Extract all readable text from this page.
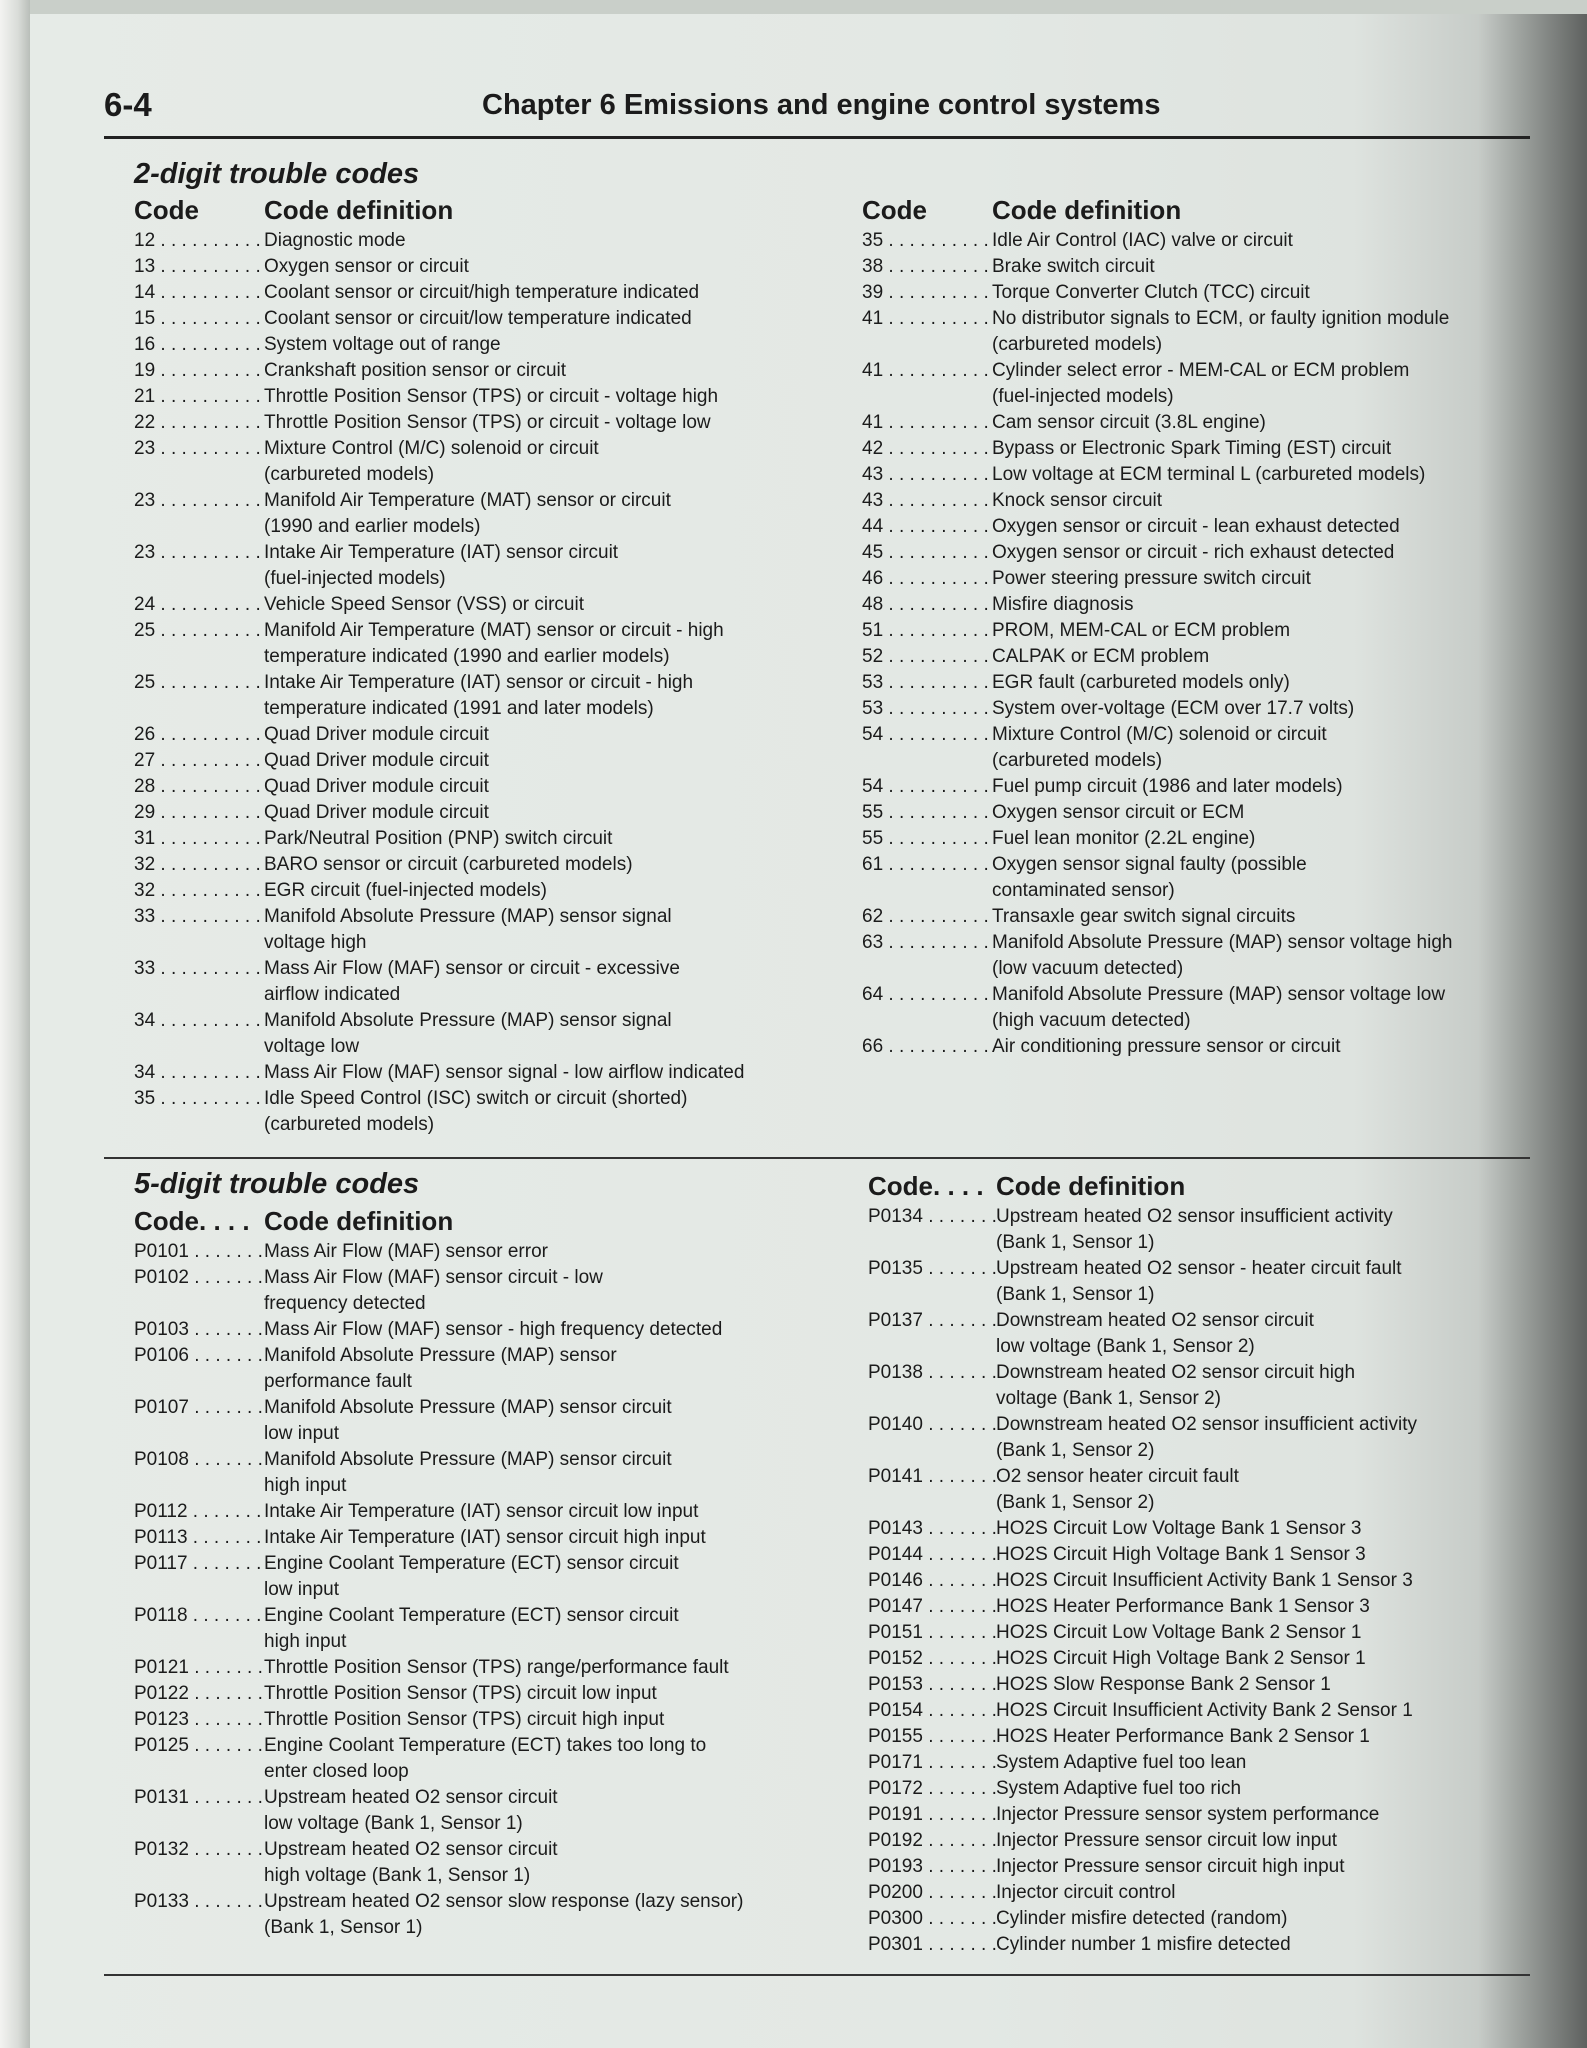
6-4	Chapter 6 Emissions and engine control systems
2-digit trouble codes
Code	Code definition
12 . . .	Diagnostic mode
13 . . .	Oxygen sensor or circuit
14 . . .	Coolant sensor or circuit/high temperature indicated
15 . . .	Coolant sensor or circuit/low temperature indicated
16 . . .	System voltage out of range
19 . . .	Crankshaft position sensor or circuit
21 . . .	Throttle Position Sensor (TPS) or circuit - voltage high
22 . . .	Throttle Position Sensor (TPS) or circuit - voltage low
23 . . .	Mixture Control (M/C) solenoid or circuit
(carbureted models)
23 . . .	Manifold Air Temperature (MAT) sensor or circuit
(1990 and earlier models)
23 . . .	Intake Air Temperature (IAT) sensor circuit
(fuel-injected models)
24 . . .	Vehicle Speed Sensor (VSS) or circuit
25 . . .	Manifold Air Temperature (MAT) sensor or circuit - high
temperature indicated (1990 and earlier models)
25 . . .	Intake Air Temperature (IAT) sensor or circuit - high
temperature indicated (1991 and later models)
26 . . .	Quad Driver module circuit
27 . . .	Quad Driver module circuit
28 . . .	Quad Driver module circuit
29 . . .	Quad Driver module circuit
31 . . .	Park/Neutral Position (PNP) switch circuit
32 . . .	BARO sensor or circuit (carbureted models)
32 . . .	EGR circuit (fuel-injected models)
33 . . .	Manifold Absolute Pressure (MAP) sensor signal
voltage high
33 . . .	Mass Air Flow (MAF) sensor or circuit - excessive
airflow indicated
34 . . .	Manifold Absolute Pressure (MAP) sensor signal
voltage low
34 . . .	Mass Air Flow (MAF) sensor signal - low airflow indicated
35 . . .	Idle Speed Control (ISC) switch or circuit (shorted)
(carbureted models)
Code	Code definition
35 . . .	Idle Air Control (IAC) valve or circuit
38 . . .	Brake switch circuit
39 . . .	Torque Converter Clutch (TCC) circuit
41 . . .	No distributor signals to ECM, or faulty ignition module
(carbureted models)
41 . . .	Cylinder select error - MEM-CAL or ECM problem
(fuel-injected models)
41 . . .	Cam sensor circuit (3.8L engine)
42 . . .	Bypass or Electronic Spark Timing (EST) circuit
43 . . .	Low voltage at ECM terminal L (carbureted models)
43 . . .	Knock sensor circuit
44 . . .	Oxygen sensor or circuit - lean exhaust detected
45 . . .	Oxygen sensor or circuit - rich exhaust detected
46 . . .	Power steering pressure switch circuit
48 . . .	Misfire diagnosis
51 . . .	PROM, MEM-CAL or ECM problem
52 . . .	CALPAK or ECM problem
53 . . .	EGR fault (carbureted models only)
53 . . .	System over-voltage (ECM over 17.7 volts)
54 . . .	Mixture Control (M/C) solenoid or circuit
(carbureted models)
54 . . .	Fuel pump circuit (1986 and later models)
55 . . .	Oxygen sensor circuit or ECM
55 . . .	Fuel lean monitor (2.2L engine)
61 . . .	Oxygen sensor signal faulty (possible
contaminated sensor)
62 . . .	Transaxle gear switch signal circuits
63 . . .	Manifold Absolute Pressure (MAP) sensor voltage high
(low vacuum detected)
64 . . .	Manifold Absolute Pressure (MAP) sensor voltage low
(high vacuum detected)
66 . . .	Air conditioning pressure sensor or circuit
5-digit trouble codes
Code. . . . Code definition
P0101 . . .	Mass Air Flow (MAF) sensor error
P0102 . . .	Mass Air Flow (MAF) sensor circuit - low
frequency detected
P0103 . . .	Mass Air Flow (MAF) sensor - high frequency detected
P0106 . . .	Manifold Absolute Pressure (MAP) sensor
performance fault
P0107 . . .	Manifold Absolute Pressure (MAP) sensor circuit
low input
P0108 . . .	Manifold Absolute Pressure (MAP) sensor circuit
high input
P0112 . . .	Intake Air Temperature (IAT) sensor circuit low input
P0113 . . .	Intake Air Temperature (IAT) sensor circuit high input
P0117 . . .	Engine Coolant Temperature (ECT) sensor circuit
low input
P0118 . . .	Engine Coolant Temperature (ECT) sensor circuit
high input
P0121 . . .	Throttle Position Sensor (TPS) range/performance fault
P0122 . . .	Throttle Position Sensor (TPS) circuit low input
P0123 . . .	Throttle Position Sensor (TPS) circuit high input
P0125 . . .	Engine Coolant Temperature (ECT) takes too long to
enter closed loop
P0131 . . .	Upstream heated O2 sensor circuit
low voltage (Bank 1, Sensor 1)
P0132 . . .	Upstream heated O2 sensor circuit
high voltage (Bank 1, Sensor 1)
P0133 . . .	Upstream heated O2 sensor slow response (lazy sensor)
(Bank 1, Sensor 1)
Code. . . . Code definition
P0134 . . .	Upstream heated O2 sensor insufficient activity
(Bank 1, Sensor 1)
P0135 . . .	Upstream heated O2 sensor - heater circuit fault
(Bank 1, Sensor 1)
P0137 . . .	Downstream heated O2 sensor circuit
low voltage (Bank 1, Sensor 2)
P0138 . . .	Downstream heated O2 sensor circuit high
voltage (Bank 1, Sensor 2)
P0140 . . .	Downstream heated O2 sensor insufficient activity
(Bank 1, Sensor 2)
P0141 . . .	O2 sensor heater circuit fault
(Bank 1, Sensor 2)
P0143 . . .	HO2S Circuit Low Voltage Bank 1 Sensor 3
P0144 . . .	HO2S Circuit High Voltage Bank 1 Sensor 3
P0146 . . .	HO2S Circuit Insufficient Activity Bank 1 Sensor 3
P0147 . . .	HO2S Heater Performance Bank 1 Sensor 3
P0151 . . .	HO2S Circuit Low Voltage Bank 2 Sensor 1
P0152 . . .	HO2S Circuit High Voltage Bank 2 Sensor 1
P0153 . . .	HO2S Slow Response Bank 2 Sensor 1
P0154 . . .	HO2S Circuit Insufficient Activity Bank 2 Sensor 1
P0155 . . .	HO2S Heater Performance Bank 2 Sensor 1
P0171 . . .	System Adaptive fuel too lean
P0172 . . .	System Adaptive fuel too rich
P0191 . . .	Injector Pressure sensor system performance
P0192 . . .	Injector Pressure sensor circuit low input
P0193 . . .	Injector Pressure sensor circuit high input
P0200 . . .	Injector circuit control
P0300 . . .	Cylinder misfire detected (random)
P0301 . . .	Cylinder number 1 misfire detected
